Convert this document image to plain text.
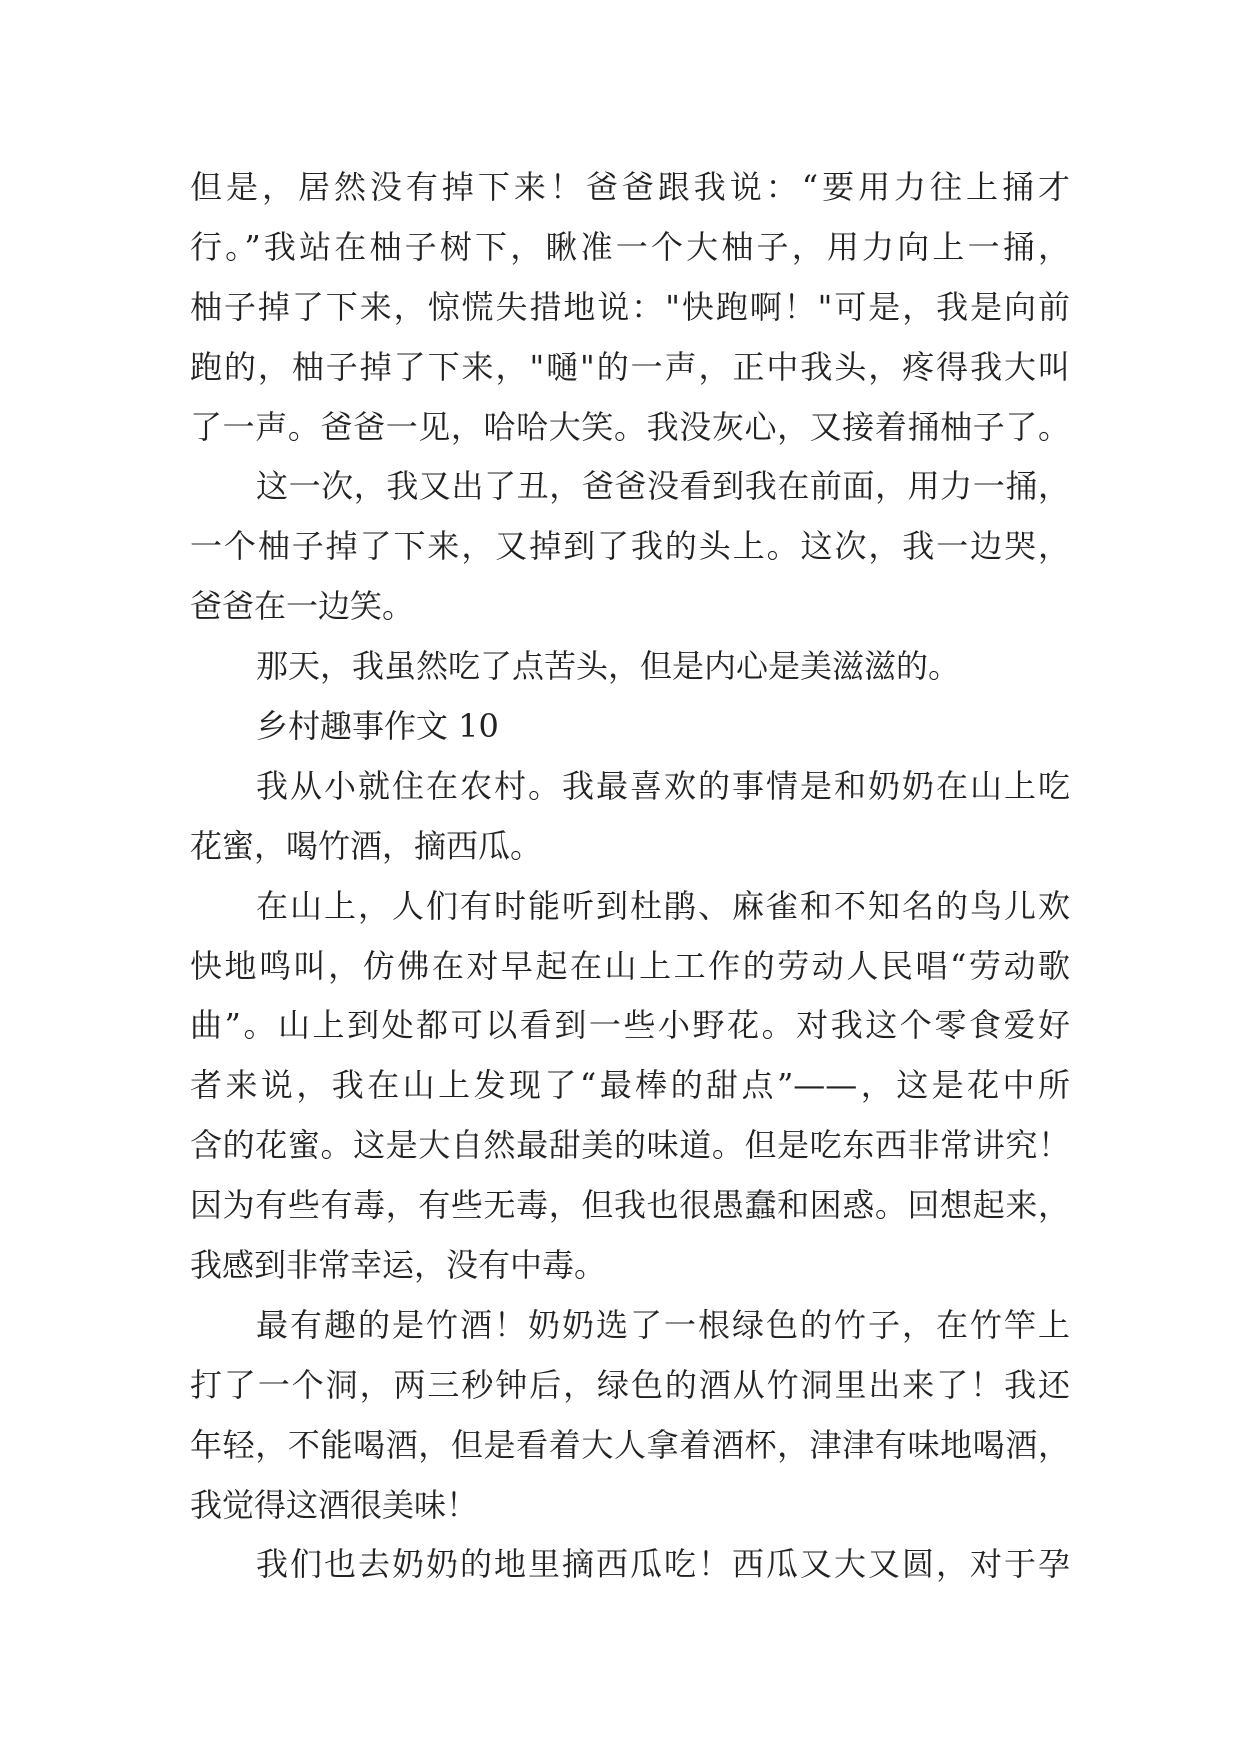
但是，居然没有掉下来！爸爸跟我说：“要用力往上捅才
行。”我站在柚子树下，瞅准一个大柚子，用力向上一捅，
柚子掉了下来，惊慌失措地说："快跑啊！"可是，我是向前
跑的，柚子掉了下来，"嗵"的一声，正中我头，疼得我大叫
了一声。爸爸一见，哈哈大笑。我没灰心，又接着捅柚子了。
这一次，我又出了丑，爸爸没看到我在前面，用力一捅，
一个柚子掉了下来，又掉到了我的头上。这次，我一边哭，
爸爸在一边笑。
那天，我虽然吃了点苦头，但是内心是美滋滋的。
乡村趣事作文 10
我从小就住在农村。我最喜欢的事情是和奶奶在山上吃
花蜜，喝竹酒，摘西瓜。
在山上，人们有时能听到杜鹃、麻雀和不知名的鸟儿欢
快地鸣叫，仿佛在对早起在山上工作的劳动人民唱“劳动歌
曲”。山上到处都可以看到一些小野花。对我这个零食爱好
者来说，我在山上发现了“最棒的甜点”——，这是花中所
含的花蜜。这是大自然最甜美的味道。但是吃东西非常讲究！
因为有些有毒，有些无毒，但我也很愚蠢和困惑。回想起来，
我感到非常幸运，没有中毒。
最有趣的是竹酒！奶奶选了一根绿色的竹子，在竹竿上
打了一个洞，两三秒钟后，绿色的酒从竹洞里出来了！我还
年轻，不能喝酒，但是看着大人拿着酒杯，津津有味地喝酒，
我觉得这酒很美味！
我们也去奶奶的地里摘西瓜吃！西瓜又大又圆，对于孕
